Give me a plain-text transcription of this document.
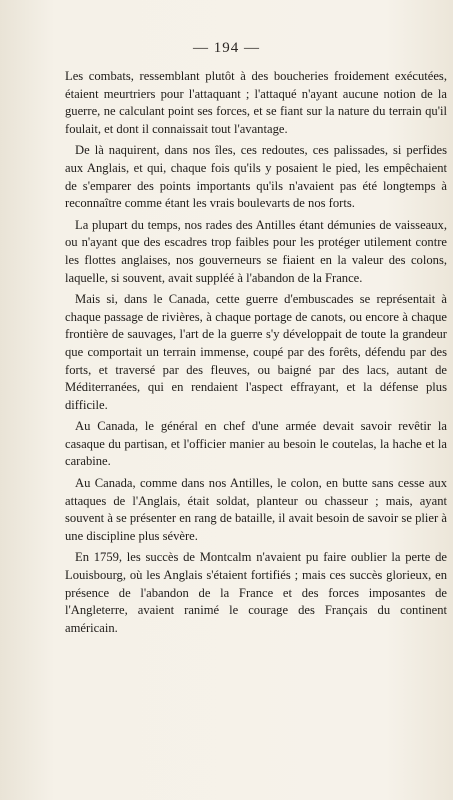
— 194 —

Les combats, ressemblant plutôt à des boucheries froidement exécutées, étaient meurtriers pour l'attaquant ; l'attaqué n'ayant aucune notion de la guerre, ne calculant point ses forces, et se fiant sur la nature du terrain qu'il foulait, et dont il connaissait tout l'avantage.

De là naquirent, dans nos îles, ces redoutes, ces palissades, si perfides aux Anglais, et qui, chaque fois qu'ils y posaient le pied, les empêchaient de s'emparer des points importants qu'ils n'avaient pas été longtemps à reconnaître comme étant les vrais boulevarts de nos forts.

La plupart du temps, nos rades des Antilles étant démunies de vaisseaux, ou n'ayant que des escadres trop faibles pour les protéger utilement contre les flottes anglaises, nos gouverneurs se fiaient en la valeur des colons, laquelle, si souvent, avait suppléé à l'abandon de la France.

Mais si, dans le Canada, cette guerre d'embuscades se représentait à chaque passage de rivières, à chaque portage de canots, ou encore à chaque frontière de sauvages, l'art de la guerre s'y développait de toute la grandeur que comportait un terrain immense, coupé par des forêts, défendu par des forts, et traversé par des fleuves, ou baigné par des lacs, autant de Méditerranées, qui en rendaient l'aspect effrayant, et la défense plus difficile.

Au Canada, le général en chef d'une armée devait savoir revêtir la casaque du partisan, et l'officier manier au besoin le coutelas, la hache et la carabine.

Au Canada, comme dans nos Antilles, le colon, en butte sans cesse aux attaques de l'Anglais, était soldat, planteur ou chasseur ; mais, ayant souvent à se présenter en rang de bataille, il avait besoin de savoir se plier à une discipline plus sévère.

En 1759, les succès de Montcalm n'avaient pu faire oublier la perte de Louisbourg, où les Anglais s'étaient fortifiés ; mais ces succès glorieux, en présence de l'abandon de la France et des forces imposantes de l'Angleterre, avaient ranimé le courage des Français du continent américain.
